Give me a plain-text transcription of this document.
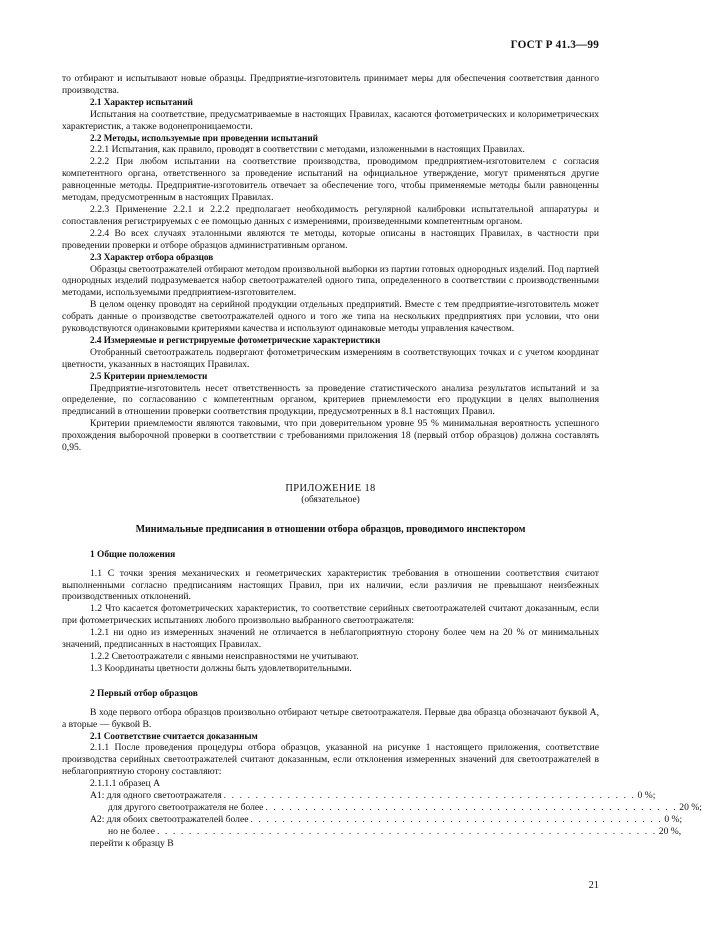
ГОСТ Р 41.3—99

то отбирают и испытывают новые образцы. Предприятие-изготовитель принимает меры для обеспечения соответствия данного производства.

2.1 Характер испытаний

Испытания на соответствие, предусматриваемые в настоящих Правилах, касаются фотометрических и колориметрических характеристик, а также водонепроницаемости.

2.2 Методы, используемые при проведении испытаний

2.2.1 Испытания, как правило, проводят в соответствии с методами, изложенными в настоящих Правилах.

2.2.2 При любом испытании на соответствие производства, проводимом предприятием-изготовителем с согласия компетентного органа, ответственного за проведение испытаний на официальное утверждение, могут применяться другие равноценные методы. Предприятие-изготовитель отвечает за обеспечение того, чтобы применяемые методы были равноценны методам, предусмотренным в настоящих Правилах.

2.2.3 Применение 2.2.1 и 2.2.2 предполагает необходимость регулярной калибровки испытательной аппаратуры и сопоставления регистрируемых с ее помощью данных с измерениями, произведенными компетентным органом.

2.2.4 Во всех случаях эталонными являются те методы, которые описаны в настоящих Правилах, в частности при проведении проверки и отборе образцов административным органом.

2.3 Характер отбора образцов

Образцы светоотражателей отбирают методом произвольной выборки из партии готовых однородных изделий. Под партией однородных изделий подразумевается набор светоотражателей одного типа, определенного в соответствии с производственными методами, используемыми предприятием-изготовителем.

В целом оценку проводят на серийной продукции отдельных предприятий. Вместе с тем предприятие-изготовитель может собрать данные о производстве светоотражателей одного и того же типа на нескольких предприятиях при условии, что они руководствуются одинаковыми критериями качества и используют одинаковые методы управления качеством.

2.4 Измеряемые и регистрируемые фотометрические характеристики

Отобранный светоотражатель подвергают фотометрическим измерениям в соответствующих точках и с учетом координат цветности, указанных в настоящих Правилах.

2.5 Критерии приемлемости

Предприятие-изготовитель несет ответственность за проведение статистического анализа результатов испытаний и за определение, по согласованию с компетентным органом, критериев приемлемости его продукции в целях выполнения предписаний в отношении проверки соответствия продукции, предусмотренных в 8.1 настоящих Правил.

Критерии приемлемости являются таковыми, что при доверительном уровне 95 % минимальная вероятность успешного прохождения выборочной проверки в соответствии с требованиями приложения 18 (первый отбор образцов) должна составлять 0,95.

ПРИЛОЖЕНИЕ 18
(обязательное)
Минимальные предписания в отношении отбора образцов, проводимого инспектором
1 Общие положения

1.1 С точки зрения механических и геометрических характеристик требования в отношении соответствия считают выполненными согласно предписаниям настоящих Правил, при их наличии, если различия не превышают неизбежных производственных отклонений.

1.2 Что касается фотометрических характеристик, то соответствие серийных светоотражателей считают доказанным, если при фотометрических испытаниях любого произвольно выбранного светоотражателя:

1.2.1 ни одно из измеренных значений не отличается в неблагоприятную сторону более чем на 20 % от минимальных значений, предписанных в настоящих Правилах.

1.2.2 Светоотражатели с явными неисправностями не учитывают.

1.3 Координаты цветности должны быть удовлетворительными.

2 Первый отбор образцов

В ходе первого отбора образцов произвольно отбирают четыре светоотражателя. Первые два образца обозначают буквой А, а вторые — буквой В.

2.1 Соответствие считается доказанным

2.1.1 После проведения процедуры отбора образцов, указанной на рисунке 1 настоящего приложения, соответствие производства серийных светоотражателей считают доказанным, если отклонения измеренных значений для светоотражателей в неблагоприятную сторону составляют:

2.1.1.1 образец А

А1: для одного светоотражателя . . . . . . . . . . . . . . . . . . . . . . . . . . . . . . . . . . . . . . . . . . . . . . . . . . . . 0 %;
для другого светоотражателя не более . . . . . . . . . . . . . . . . . . . . . . . . . . . . . . . . . . . . . . . . . . . . . . . . . . . . 20 %;
А2: для обоих светоотражателей более . . . . . . . . . . . . . . . . . . . . . . . . . . . . . . . . . . . . . . . . . . . . . . . . . . . . 0 %;
но не более . . . . . . . . . . . . . . . . . . . . . . . . . . . . . . . . . . . . . . . . . . . . . . . . . . . . . . . . . . . . . . . 20 %,

перейти к образцу В

21
